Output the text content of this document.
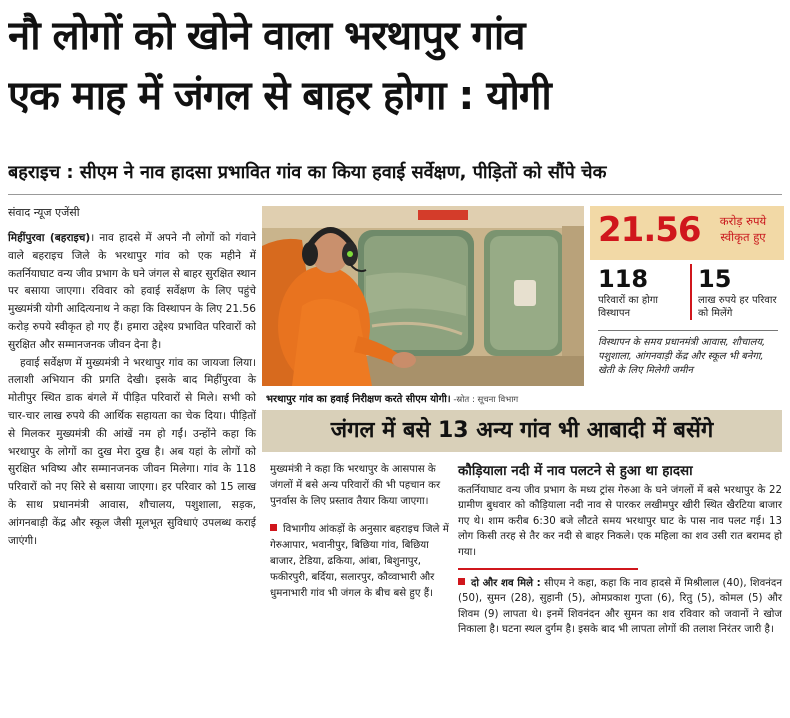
नौ लोगों को खोने वाला भरथापुर गांव
एक माह में जंगल से बाहर होगा : योगी
बहराइच : सीएम ने नाव हादसा प्रभावित गांव का किया हवाई सर्वेक्षण, पीड़ितों को सौंपे चेक
संवाद न्यूज एजेंसी

मिहींपुरवा (बहराइच)। नाव हादसे में अपने नौ लोगों को गंवाने वाले बहराइच जिले के भरथापुर गांव को एक महीने में कतर्नियाघाट वन्य जीव प्रभाग के घने जंगल से बाहर सुरक्षित स्थान पर बसाया जाएगा। रविवार को हवाई सर्वेक्षण के लिए पहुंचे मुख्यमंत्री योगी आदित्यनाथ ने कहा कि विस्थापन के लिए 21.56 करोड़ रुपये स्वीकृत हो गए हैं। हमारा उद्देश्य प्रभावित परिवारों को सुरक्षित और सम्मानजनक जीवन देना है।

हवाई सर्वेक्षण में मुख्यमंत्री ने भरथापुर गांव का जायजा लिया। तलाशी अभियान की प्रगति देखी। इसके बाद मिहींपुरवा के मोतीपुर स्थित डाक बंगले में पीड़ित परिवारों से मिले। सभी को चार-चार लाख रुपये की आर्थिक सहायता का चेक दिया। पीड़ितों से मिलकर मुख्यमंत्री की आंखें नम हो गईं। उन्होंने कहा कि भरथापुर के लोगों का दुख मेरा दुख है। अब यहां के लोगों को सुरक्षित भविष्य और सम्मानजनक जीवन मिलेगा। गांव के 118 परिवारों को नए सिरे से बसाया जाएगा। हर परिवार को 15 लाख के साथ प्रधानमंत्री आवास, शौचालय, पशुशाला, सड़क, आंगनबाड़ी केंद्र और स्कूल जैसी मूलभूत सुविधाएं उपलब्ध कराई जाएंगी।

भरथापुर गांव का हवाई निरीक्षण करते सीएम योगी। -स्रोत : सूचना विभाग
21.56	करोड़ रुपये स्वीकृत हुए
118
परिवारों का होगा विस्थापन
15
लाख रुपये हर परिवार को मिलेंगे
विस्थापन के समय प्रधानमंत्री आवास, शौचालय, पशुशाला, आंगनवाड़ी केंद्र और स्कूल भी बनेगा, खेती के लिए मिलेगी जमीन
जंगल में बसे 13 अन्य गांव भी आबादी में बसेंगे

मुख्यमंत्री ने कहा कि भरथापुर के आसपास के जंगलों में बसे अन्य परिवारों की भी पहचान कर पुनर्वास के लिए प्रस्ताव तैयार किया जाएगा।

विभागीय आंकड़ों के अनुसार बहराइच जिले में गेरुआपार, भवानीपुर, बिछिया गांव, बिछिया बाजार, टेडिया, ढकिया, आंबा, बिशुनापुर, फकीरपुरी, बर्दिया, सलारपुर, कौव्वाभारी और धुमनाभारी गांव भी जंगल के बीच बसे हुए हैं।

कौड़ियाला नदी में नाव पलटने से हुआ था हादसा

कतर्नियाघाट वन्य जीव प्रभाग के मध्य ट्रांस गेरुआ के घने जंगलों में बसे भरथापुर के 22 ग्रामीण बुधवार को कौड़ियाला नदी नाव से पारकर लखीमपुर खीरी स्थित खैरटिया बाजार गए थे। शाम करीब 6:30 बजे लौटते समय भरथापुर घाट के पास नाव पलट गई। 13 लोग किसी तरह से तैर कर नदी से बाहर निकले। एक महिला का शव उसी रात बरामद हो गया।

दो और शव मिले : सीएम ने कहा, कहा कि नाव हादसे में मिश्रीलाल (40), शिवनंदन (50), सुमन (28), सुहानी (5), ओमप्रकाश गुप्ता (6), रितु (5), कोमल (5) और शिवम (9) लापता थे। इनमें शिवनंदन और सुमन का शव रविवार को जवानों ने खोज निकाला है। घटना स्थल दुर्गम है। इसके बाद भी लापता लोगों की तलाश निरंतर जारी है।
